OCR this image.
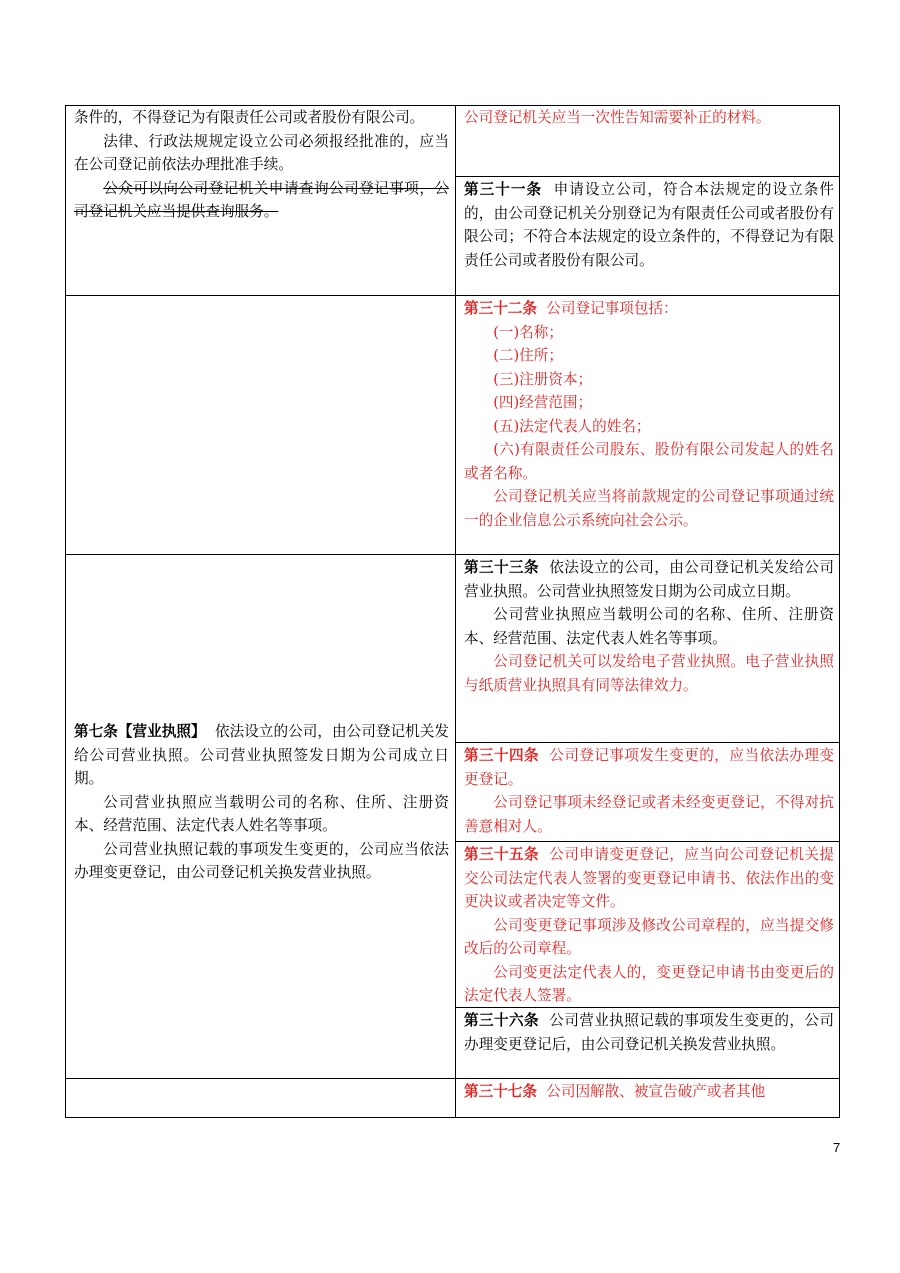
条件的，不得登记为有限责任公司或者股份有限公司。

法律、行政法规规定设立公司必须报经批准的，应当在公司登记前依法办理批准手续。

公众可以向公司登记机关申请查询公司登记事项，公司登记机关应当提供查询服务。

公司登记机关应当一次性告知需要补正的材料。

第三十一条 申请设立公司，符合本法规定的设立条件的，由公司登记机关分别登记为有限责任公司或者股份有限公司；不符合本法规定的设立条件的，不得登记为有限责任公司或者股份有限公司。

第三十二条 公司登记事项包括：

(一)名称；

(二)住所；

(三)注册资本；

(四)经营范围；

(五)法定代表人的姓名；

(六)有限责任公司股东、股份有限公司发起人的姓名或者名称。

公司登记机关应当将前款规定的公司登记事项通过统一的企业信息公示系统向社会公示。

第七条【营业执照】 依法设立的公司，由公司登记机关发给公司营业执照。公司营业执照签发日期为公司成立日期。

公司营业执照应当载明公司的名称、住所、注册资本、经营范围、法定代表人姓名等事项。

公司营业执照记载的事项发生变更的，公司应当依法办理变更登记，由公司登记机关换发营业执照。

第三十三条 依法设立的公司，由公司登记机关发给公司营业执照。公司营业执照签发日期为公司成立日期。

公司营业执照应当载明公司的名称、住所、注册资本、经营范围、法定代表人姓名等事项。

公司登记机关可以发给电子营业执照。电子营业执照与纸质营业执照具有同等法律效力。

第三十四条 公司登记事项发生变更的，应当依法办理变更登记。

公司登记事项未经登记或者未经变更登记，不得对抗善意相对人。

第三十五条 公司申请变更登记，应当向公司登记机关提交公司法定代表人签署的变更登记申请书、依法作出的变更决议或者决定等文件。

公司变更登记事项涉及修改公司章程的，应当提交修改后的公司章程。

公司变更法定代表人的，变更登记申请书由变更后的法定代表人签署。

第三十六条 公司营业执照记载的事项发生变更的，公司办理变更登记后，由公司登记机关换发营业执照。

第三十七条 公司因解散、被宣告破产或者其他

7
